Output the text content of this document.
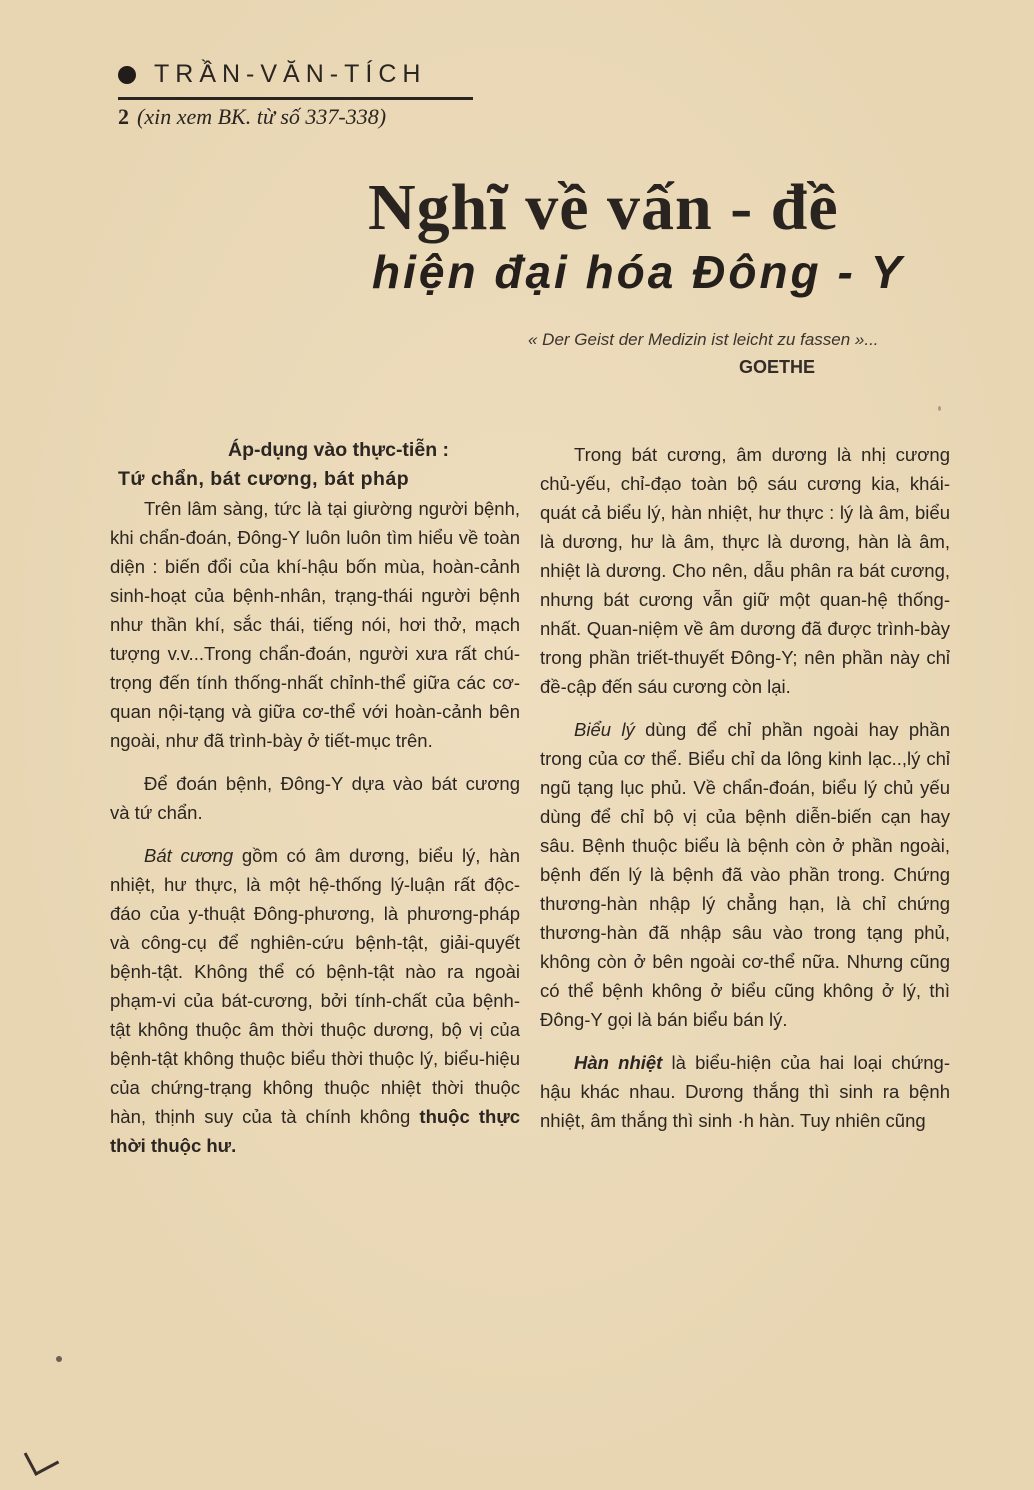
TRẦN-VĂN-TÍCH
2 (xin xem BK. từ số 337-338)
Nghĩ về vấn - đề
hiện đại hóa Đông - Y
« Der Geist der Medizin ist leicht zu fassen »...
GOETHE
Áp-dụng vào thực-tiễn :
Tứ chẩn, bát cương, bát pháp

Trên lâm sàng, tức là tại giường người bệnh, khi chẩn-đoán, Đông-Y luôn luôn tìm hiểu về toàn diện : biến đổi của khí-hậu bốn mùa, hoàn-cảnh sinh-hoạt của bệnh-nhân, trạng-thái người bệnh như thần khí, sắc thái, tiếng nói, hơi thở, mạch tượng v.v...Trong chẩn-đoán, người xưa rất chú-trọng đến tính thống-nhất chỉnh-thể giữa các cơ-quan nội-tạng và giữa cơ-thể với hoàn-cảnh bên ngoài, như đã trình-bày ở tiết-mục trên.

Để đoán bệnh, Đông-Y dựa vào bát cương và tứ chẩn.

Bát cương gồm có âm dương, biểu lý, hàn nhiệt, hư thực, là một hệ-thống lý-luận rất độc-đáo của y-thuật Đông-phương, là phương-pháp và công-cụ để nghiên-cứu bệnh-tật, giải-quyết bệnh-tật. Không thể có bệnh-tật nào ra ngoài phạm-vi của bát-cương, bởi tính-chất của bệnh-tật không thuộc âm thời thuộc dương, bộ vị của bệnh-tật không thuộc biểu thời thuộc lý, biểu-hiệu của chứng-trạng không thuộc nhiệt thời thuộc hàn, thịnh suy của tà chính không thuộc thực thời thuộc hư.

Trong bát cương, âm dương là nhị cương chủ-yếu, chỉ-đạo toàn bộ sáu cương kia, khái-quát cả biểu lý, hàn nhiệt, hư thực : lý là âm, biểu là dương, hư là âm, thực là dương, hàn là âm, nhiệt là dương. Cho nên, dẫu phân ra bát cương, nhưng bát cương vẫn giữ một quan-hệ thống-nhất. Quan-niệm về âm dương đã được trình-bày trong phần triết-thuyết Đông-Y; nên phần này chỉ đề-cập đến sáu cương còn lại.

Biểu lý dùng để chỉ phần ngoài hay phần trong của cơ thể. Biểu chỉ da lông kinh lạc..,lý chỉ ngũ tạng lục phủ. Về chẩn-đoán, biểu lý chủ yếu dùng để chỉ bộ vị của bệnh diễn-biến cạn hay sâu. Bệnh thuộc biểu là bệnh còn ở phần ngoài, bệnh đến lý là bệnh đã vào phần trong. Chứng thương-hàn nhập lý chẳng hạn, là chỉ chứng thương-hàn đã nhập sâu vào trong tạng phủ, không còn ở bên ngoài cơ-thể nữa. Nhưng cũng có thể bệnh không ở biểu cũng không ở lý, thì Đông-Y gọi là bán biểu bán lý.

Hàn nhiệt là biểu-hiện của hai loại chứng-hậu khác nhau. Dương thắng thì sinh ra bệnh nhiệt, âm thắng thì sinh ·h hàn. Tuy nhiên cũng
